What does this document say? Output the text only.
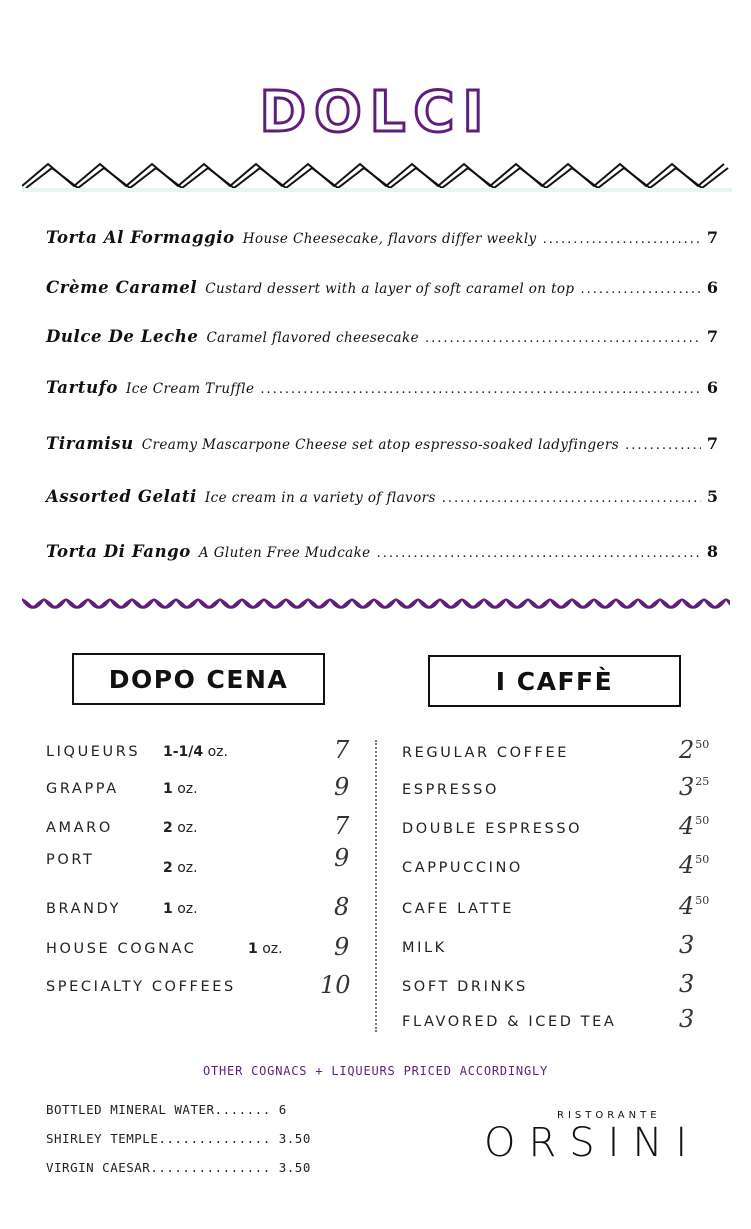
DOLCI
Torta Al Formaggio House Cheesecake, flavors differ weekly .....	7
Crème Caramel Custard dessert with a layer of soft caramel on top .....	6
Dulce De Leche Caramel flavored cheesecake .....	7
Tartufo Ice Cream Truffle .....	6
Tiramisu Creamy Mascarpone Cheese set atop espresso-soaked ladyfingers .....	7
Assorted Gelati Ice cream in a variety of flavors .....	5
Torta Di Fango A Gluten Free Mudcake .....	8
DOPO CENA	I CAFFÈ
LIQUEURS 1-1/4 oz.	7
GRAPPA	1 oz.	9
AMARO	2 oz.	7
PORT	2 oz.	9
BRANDY	1 oz.	8
HOUSE COGNAC	1 oz. 9
SPECIALTY COFFEES	10
REGULAR COFFEE	$2^{50}$
ESPRESSO	$3^{25}$
DOUBLE ESPRESSO	$4^{50}$
CAPPUCCINO	$4^{50}$
CAFE LATTE	$4^{50}$
MILK	3
SOFT DRINKS	3
FLAVORED & ICED TEA	3
OTHER COGNACS + LIQUEURS PRICED ACCORDINGLY
BOTTLED MINERAL WATER....... 6
SHIRLEY TEMPLE.............. 3.50
VIRGIN CAESAR............... 3.50
RISTORANTE
ORSINI
